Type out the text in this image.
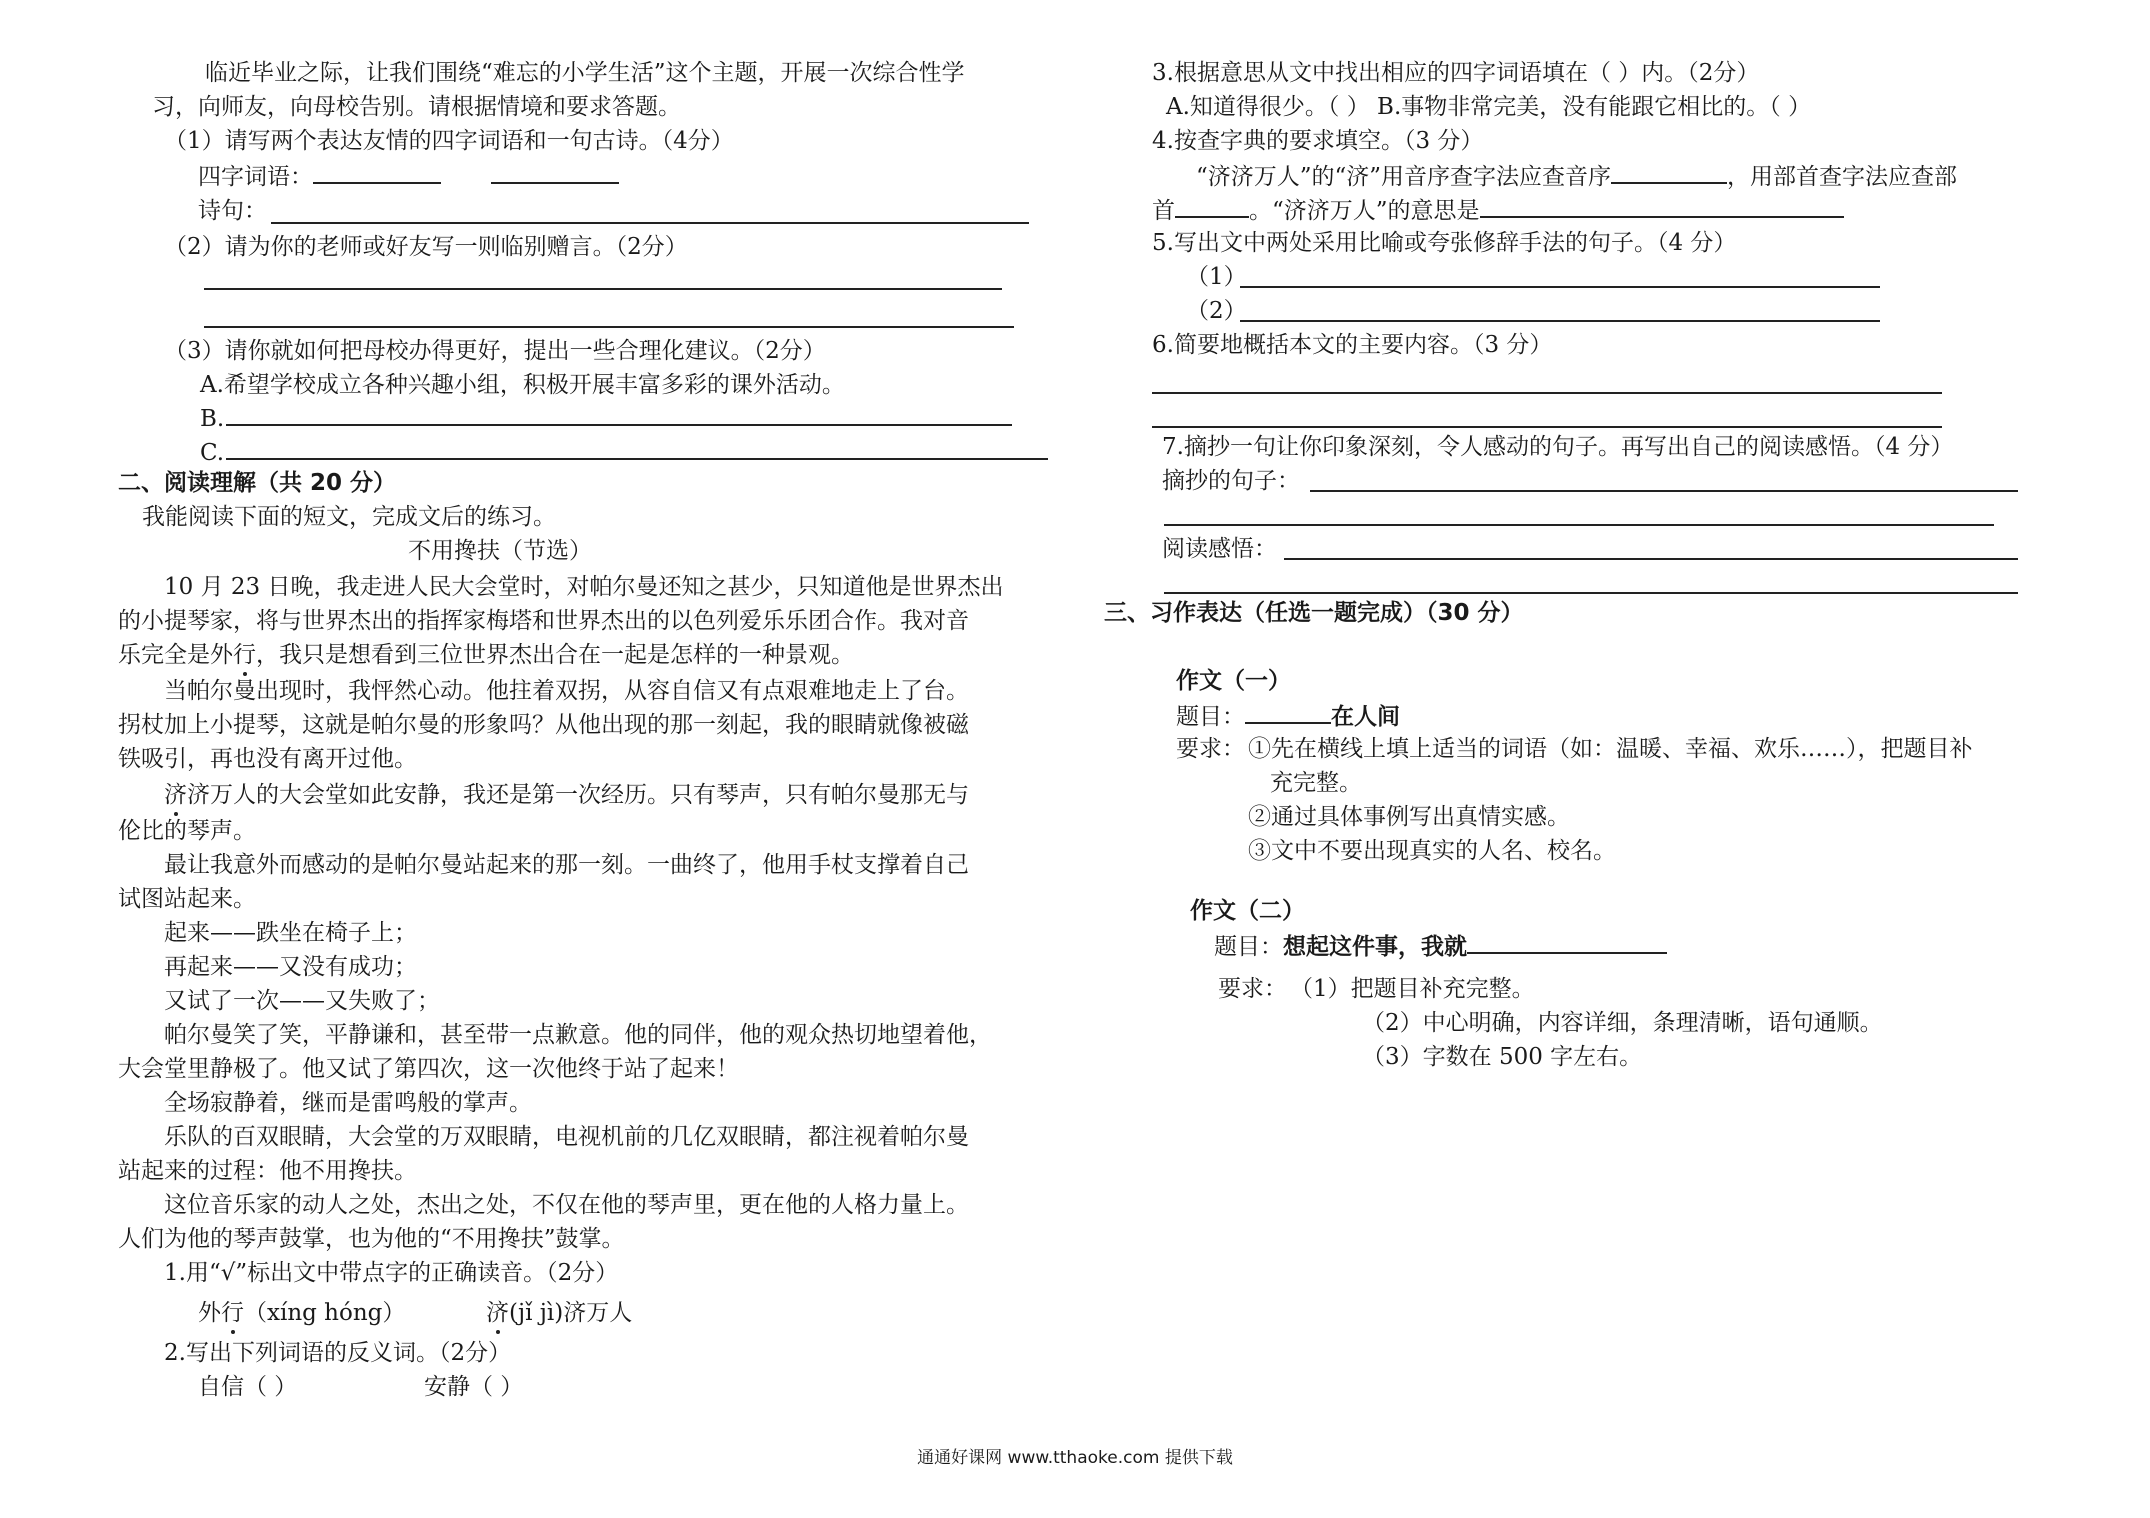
临近毕业之际，让我们围绕“难忘的小学生活”这个主题，开展一次综合性学
习，向师友，向母校告别。请根据情境和要求答题。
（1）请写两个表达友情的四字词语和一句古诗。（4分）
四字词语：
诗句：
（2）请为你的老师或好友写一则临别赠言。（2分）
（3）请你就如何把母校办得更好，提出一些合理化建议。（2分）
A.希望学校成立各种兴趣小组，积极开展丰富多彩的课外活动。
B.
C.
二、阅读理解（共 20 分）
我能阅读下面的短文，完成文后的练习。
不用搀扶（节选）
10 月 23 日晚，我走进人民大会堂时，对帕尔曼还知之甚少，只知道他是世界杰出
的小提琴家，将与世界杰出的指挥家梅塔和世界杰出的以色列爱乐乐团合作。我对音
乐完全是外行，我只是想看到三位世界杰出合在一起是怎样的一种景观。
当帕尔曼出现时，我怦然心动。他拄着双拐，从容自信又有点艰难地走上了台。
拐杖加上小提琴，这就是帕尔曼的形象吗？从他出现的那一刻起，我的眼睛就像被磁
铁吸引，再也没有离开过他。
济济万人的大会堂如此安静，我还是第一次经历。只有琴声，只有帕尔曼那无与
伦比的琴声。
最让我意外而感动的是帕尔曼站起来的那一刻。一曲终了，他用手杖支撑着自己
试图站起来。
起来——跌坐在椅子上；
再起来——又没有成功；
又试了一次——又失败了；
帕尔曼笑了笑，平静谦和，甚至带一点歉意。他的同伴，他的观众热切地望着他，
大会堂里静极了。他又试了第四次，这一次他终于站了起来！
全场寂静着，继而是雷鸣般的掌声。
乐队的百双眼睛，大会堂的万双眼睛，电视机前的几亿双眼睛，都注视着帕尔曼
站起来的过程：他不用搀扶。
这位音乐家的动人之处，杰出之处，不仅在他的琴声里，更在他的人格力量上。
人们为他的琴声鼓掌，也为他的“不用搀扶”鼓掌。
1.用“√”标出文中带点字的正确读音。（2分）
外行（xíng hóng）	济(jǐ jì)济万人
2.写出下列词语的反义词。（2分）
自信（ ）	安静（ ）
3.根据意思从文中找出相应的四字词语填在（ ）内。（2分）
A.知道得很少。（ ） B.事物非常完美，没有能跟它相比的。（ ）
4.按查字典的要求填空。（3 分）
“济济万人”的“济”用音序查字法应查音序	，用部首查字法应查部
首	。“济济万人”的意思是
5.写出文中两处采用比喻或夸张修辞手法的句子。（4 分）
（1）
（2）
6.简要地概括本文的主要内容。（3 分）
7.摘抄一句让你印象深刻，令人感动的句子。再写出自己的阅读感悟。（4 分）
摘抄的句子：
阅读感悟：
三、习作表达（任选一题完成）（30 分）
作文（一）
题目：	在人间
要求： ①先在横线上填上适当的词语（如：温暖、幸福、欢乐……），把题目补
充完整。
②通过具体事例写出真情实感。
③文中不要出现真实的人名、校名。
作文（二）
题目：想起这件事，我就
要求： （1）把题目补充完整。
（2）中心明确，内容详细，条理清晰，语句通顺。
（3）字数在 500 字左右。
通通好课网 www.tthaoke.com 提供下载
